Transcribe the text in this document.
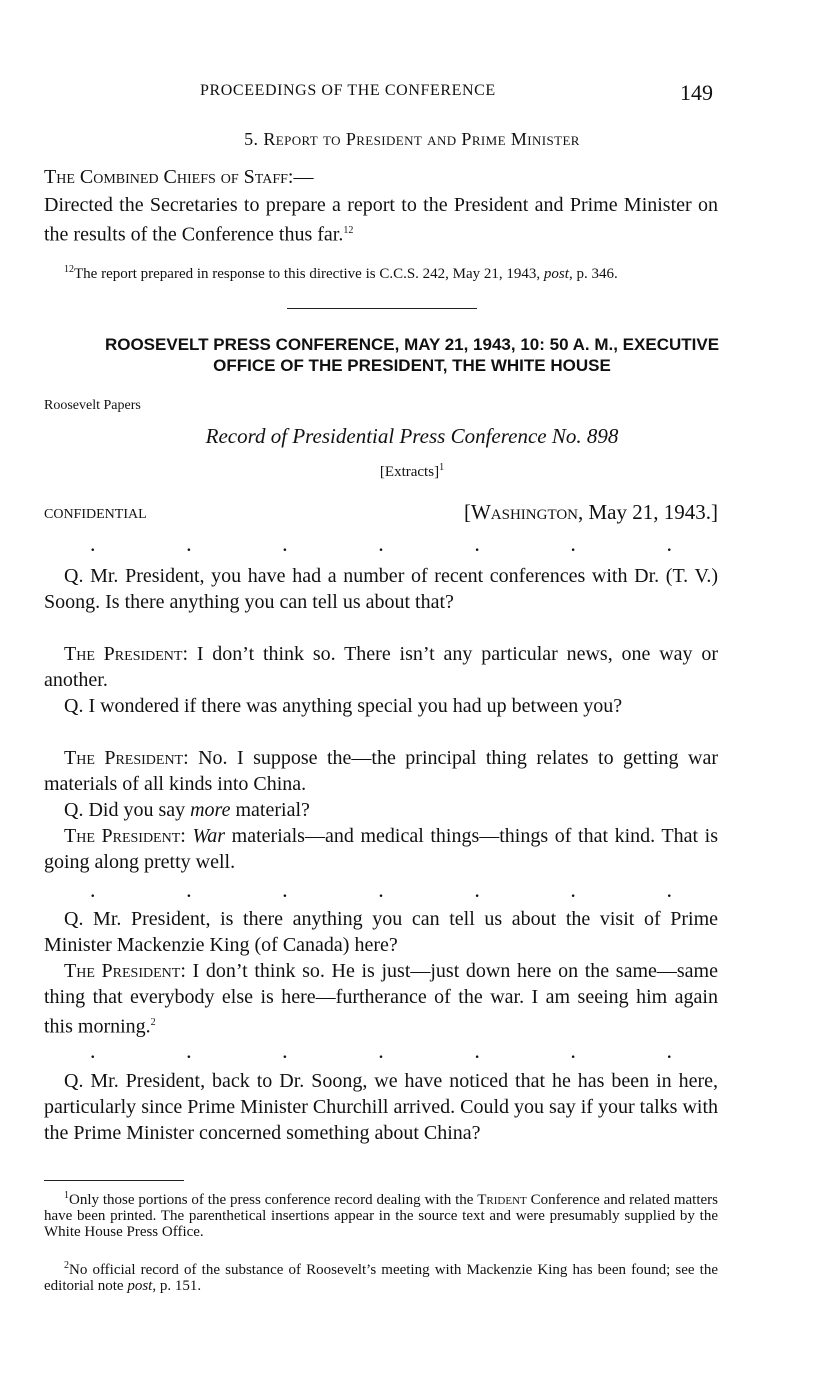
PROCEEDINGS OF THE CONFERENCE	149
5. Report to President and Prime Minister
The Combined Chiefs of Staff:—
Directed the Secretaries to prepare a report to the President and Prime Minister on the results of the Conference thus far.$^{12}$
$^{12}$The report prepared in response to this directive is C.C.S. 242, May 21, 1943, post, p. 346.
ROOSEVELT PRESS CONFERENCE, MAY 21, 1943, 10: 50 A. M., EXECUTIVE
OFFICE OF THE PRESIDENT, THE WHITE HOUSE
Roosevelt Papers
Record of Presidential Press Conference No. 898
[Extracts]$^1$
CONFIDENTIAL	[Washington, May 21, 1943.]
.	.	.	.	.	.	.
Q. Mr. President, you have had a number of recent conferences with Dr. (T. V.) Soong. Is there anything you can tell us about that?
The President: I don’t think so. There isn’t any particular news, one way or another.
Q. I wondered if there was anything special you had up between you?
The President: No. I suppose the—the principal thing relates to getting war materials of all kinds into China.
Q. Did you say more material?
The President: War materials—and medical things—things of that kind. That is going along pretty well.
.	.	.	.	.	.	.
Q. Mr. President, is there anything you can tell us about the visit of Prime Minister Mackenzie King (of Canada) here?
The President: I don’t think so. He is just—just down here on the same—same thing that everybody else is here—furtherance of the war. I am seeing him again this morning.$^2$
.	.	.	.	.	.	.
Q. Mr. President, back to Dr. Soong, we have noticed that he has been in here, particularly since Prime Minister Churchill arrived. Could you say if your talks with the Prime Minister concerned something about China?
$^1$Only those portions of the press conference record dealing with the Trident Conference and related matters have been printed. The parenthetical insertions appear in the source text and were presumably supplied by the White House Press Office.
$^2$No official record of the substance of Roosevelt’s meeting with Mackenzie King has been found; see the editorial note post, p. 151.
